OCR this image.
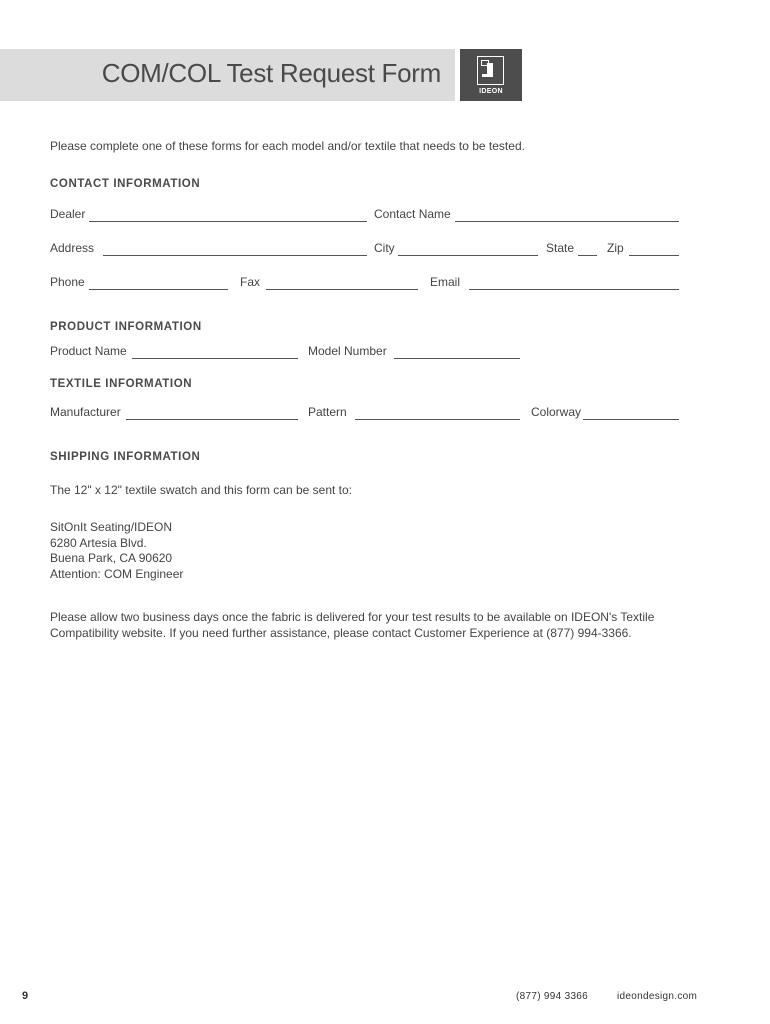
COM/COL Test Request Form
IDEON
®
Please complete one of these forms for each model and/or textile that needs to be tested.
CONTACT INFORMATION
Dealer	Contact Name
Address	City	State	Zip
Phone	Fax	Email
PRODUCT INFORMATION
Product Name	Model Number
TEXTILE INFORMATION
Manufacturer	Pattern	Colorway
SHIPPING INFORMATION
The 12" x 12" textile swatch and this form can be sent to:
SitOnIt Seating/IDEON
6280 Artesia Blvd.
Buena Park, CA 90620
Attention: COM Engineer
Please allow two business days once the fabric is delivered for your test results to be available on IDEON's Textile
Compatibility website. If you need further assistance, please contact Customer Experience at (877) 994-3366.
9	(877) 994 3366	ideondesign.com
